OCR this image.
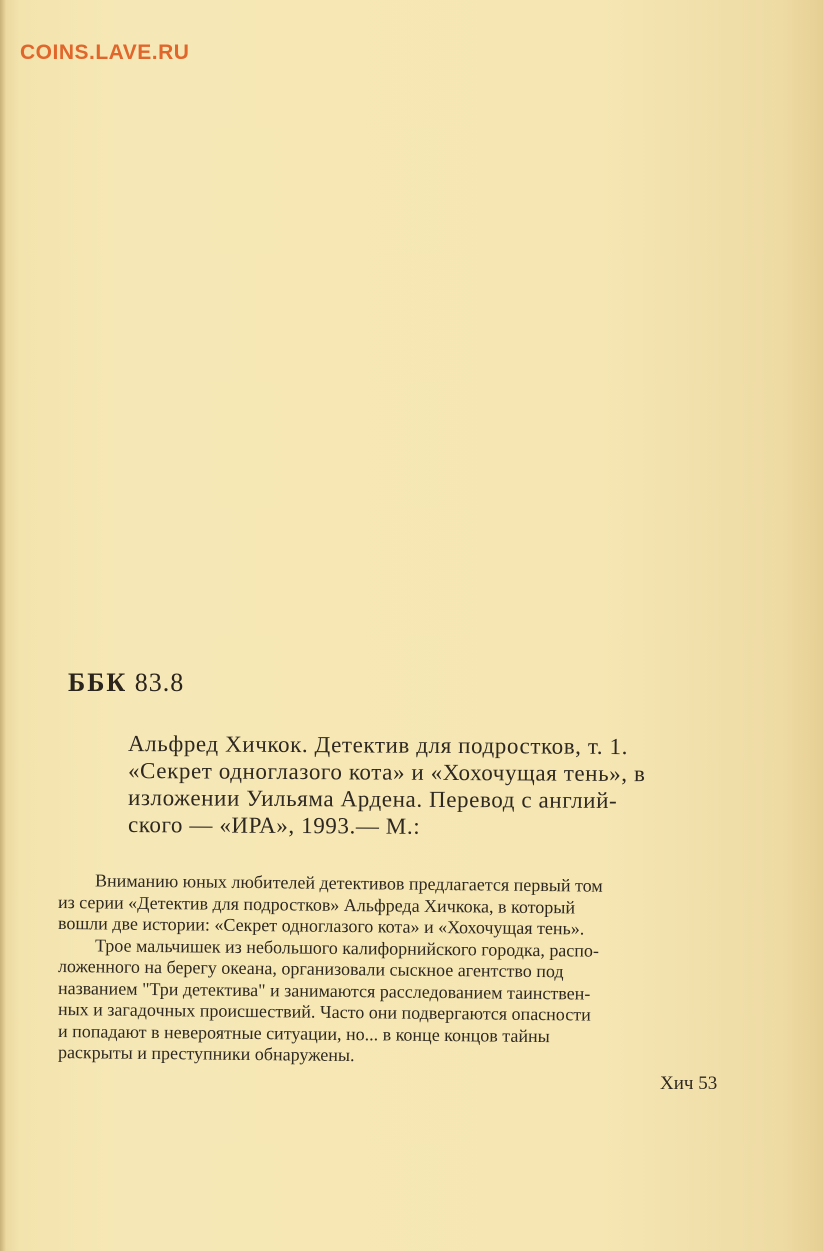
COINS.LAVE.RU
ББК 83.8
Альфред Хичкок. Детектив для подростков, т. 1.
«Секрет одноглазого кота» и «Хохочущая тень», в
изложении Уильяма Ардена. Перевод с англий-
ского — «ИРА», 1993.— М.:
Вниманию юных любителей детективов предлагается первый том
из серии «Детектив для подростков» Альфреда Хичкока, в который
вошли две истории: «Секрет одноглазого кота» и «Хохочущая тень».
Трое мальчишек из небольшого калифорнийского городка, распо-
ложенного на берегу океана, организовали сыскное агентство под
названием "Три детектива" и занимаются расследованием таинствен-
ных и загадочных происшествий. Часто они подвергаются опасности
и попадают в невероятные ситуации, но... в конце концов тайны
раскрыты и преступники обнаружены.
Хич 53
